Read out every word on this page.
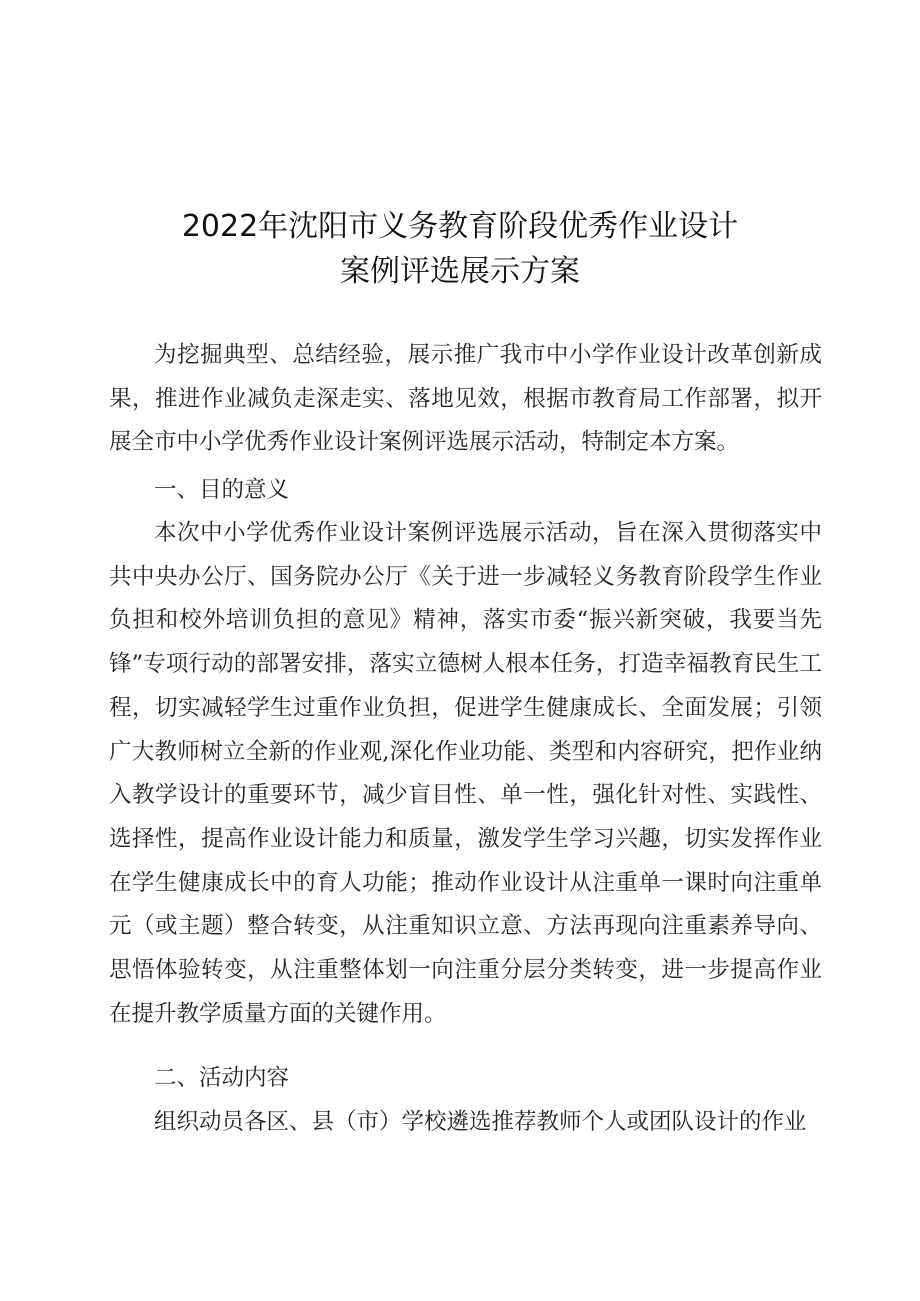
2022年沈阳市义务教育阶段优秀作业设计
案例评选展示方案

为挖掘典型、总结经验，展示推广我市中小学作业设计改革创新成果，推进作业减负走深走实、落地见效，根据市教育局工作部署，拟开展全市中小学优秀作业设计案例评选展示活动，特制定本方案。

一、目的意义

本次中小学优秀作业设计案例评选展示活动，旨在深入贯彻落实中共中央办公厅、国务院办公厅《关于进一步减轻义务教育阶段学生作业负担和校外培训负担的意见》精神，落实市委“振兴新突破，我要当先锋”专项行动的部署安排，落实立德树人根本任务，打造幸福教育民生工程，切实减轻学生过重作业负担，促进学生健康成长、全面发展；引领广大教师树立全新的作业观,深化作业功能、类型和内容研究，把作业纳入教学设计的重要环节，减少盲目性、单一性，强化针对性、实践性、选择性，提高作业设计能力和质量，激发学生学习兴趣，切实发挥作业在学生健康成长中的育人功能；推动作业设计从注重单一课时向注重单元（或主题）整合转变，从注重知识立意、方法再现向注重素养导向、思悟体验转变，从注重整体划一向注重分层分类转变，进一步提高作业在提升教学质量方面的关键作用。

二、活动内容

组织动员各区、县（市）学校遴选推荐教师个人或团队设计的作业
